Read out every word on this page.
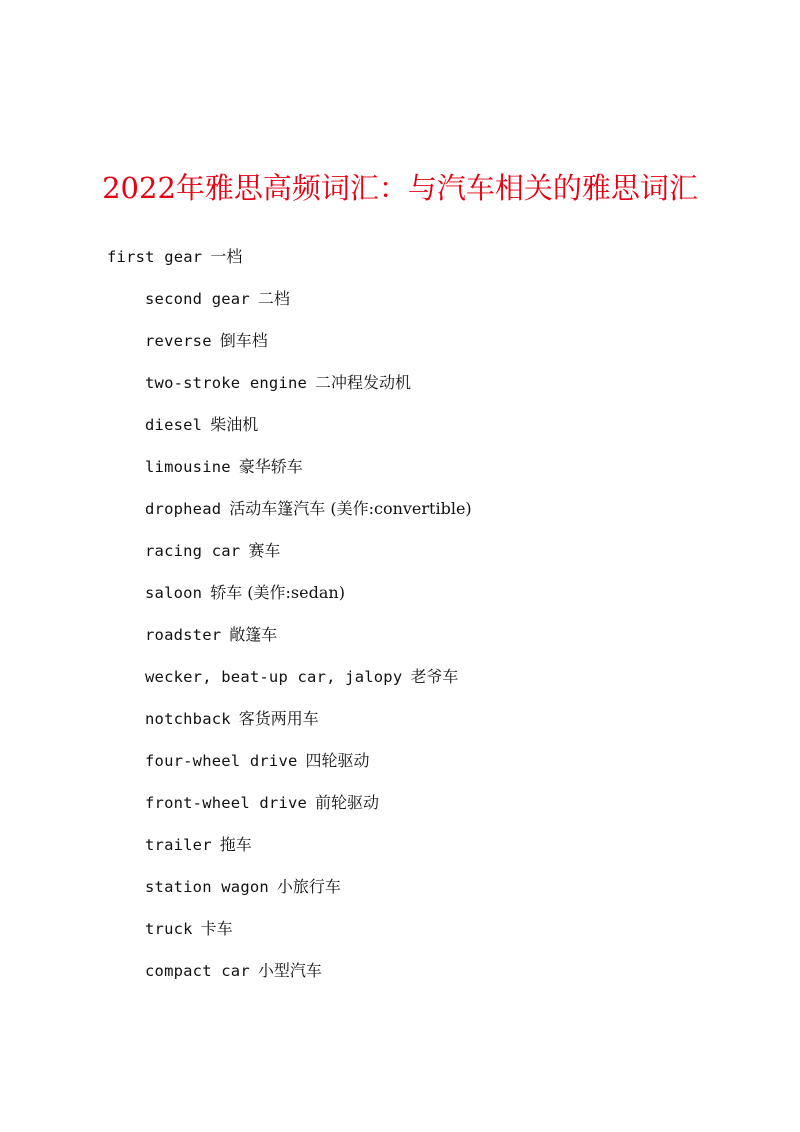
2022年雅思高频词汇：与汽车相关的雅思词汇
first gear 一档
second gear 二档
reverse 倒车档
two-stroke engine 二冲程发动机
diesel 柴油机
limousine 豪华轿车
drophead 活动车篷汽车 (美作:convertible)
racing car 赛车
saloon 轿车 (美作:sedan)
roadster 敞篷车
wecker, beat-up car, jalopy 老爷车
notchback 客货两用车
four-wheel drive 四轮驱动
front-wheel drive 前轮驱动
trailer 拖车
station wagon 小旅行车
truck 卡车
compact car 小型汽车
